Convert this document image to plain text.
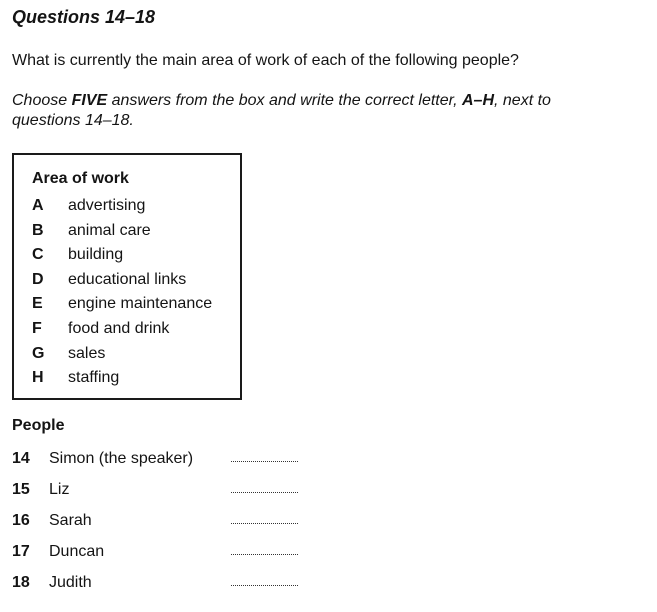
Questions 14–18

What is currently the main area of work of each of the following people?

Choose FIVE answers from the box and write the correct letter, A–H, next to questions 14–18.

Area of work
A advertising
B animal care
C building
D educational links
E engine maintenance
F food and drink
G sales
H staffing
People
14 Simon (the speaker)
15 Liz
16 Sarah
17 Duncan
18 Judith
